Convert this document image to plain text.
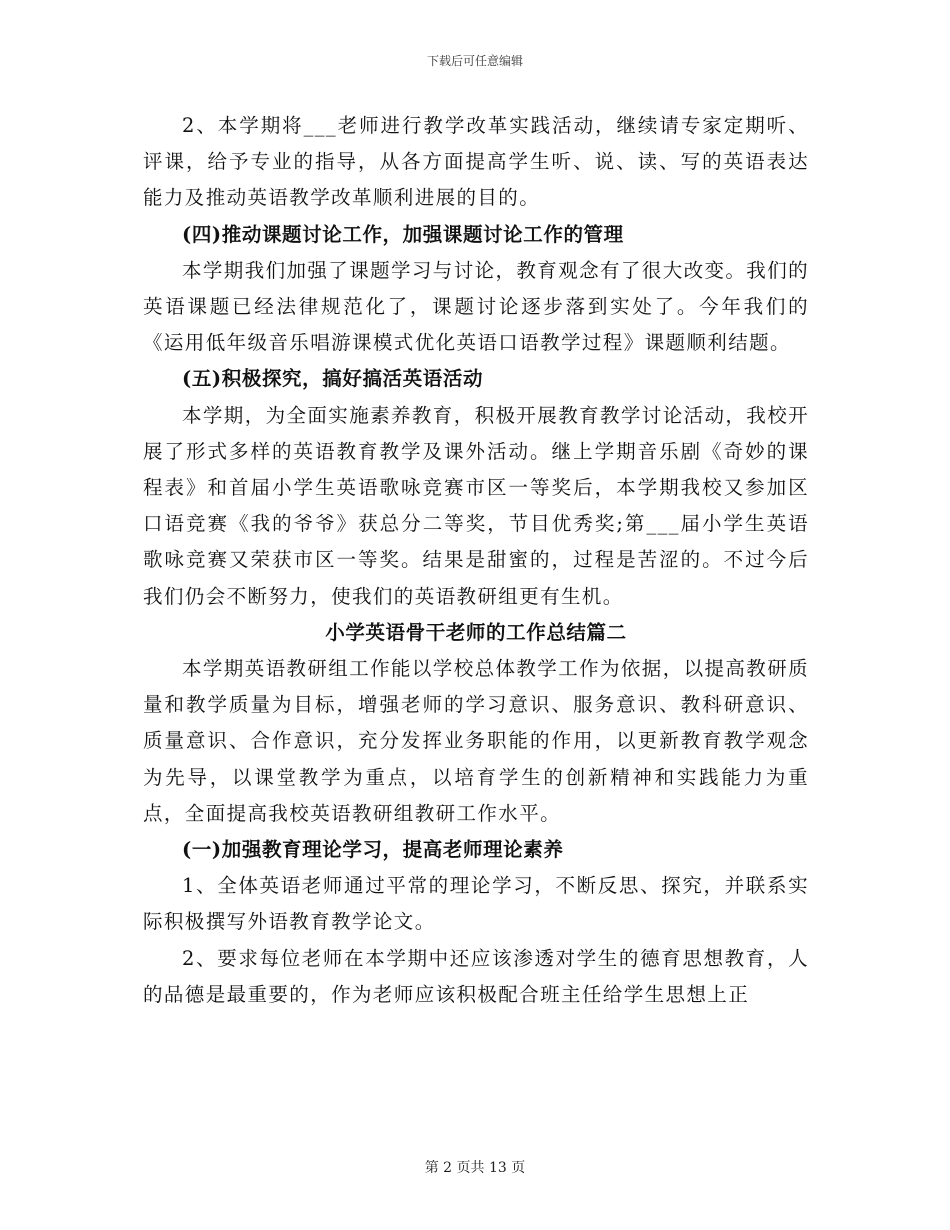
下载后可任意编辑

2、本学期将___老师进行教学改革实践活动，继续请专家定期听、评课，给予专业的指导，从各方面提高学生听、说、读、写的英语表达能力及推动英语教学改革顺利进展的目的。

(四)推动课题讨论工作，加强课题讨论工作的管理

本学期我们加强了课题学习与讨论，教育观念有了很大改变。我们的英语课题已经法律规范化了，课题讨论逐步落到实处了。今年我们的《运用低年级音乐唱游课模式优化英语口语教学过程》课题顺利结题。

(五)积极探究，搞好搞活英语活动

本学期，为全面实施素养教育，积极开展教育教学讨论活动，我校开展了形式多样的英语教育教学及课外活动。继上学期音乐剧《奇妙的课程表》和首届小学生英语歌咏竞赛市区一等奖后，本学期我校又参加区口语竞赛《我的爷爷》获总分二等奖，节目优秀奖;第___届小学生英语歌咏竞赛又荣获市区一等奖。结果是甜蜜的，过程是苦涩的。不过今后我们仍会不断努力，使我们的英语教研组更有生机。

小学英语骨干老师的工作总结篇二

本学期英语教研组工作能以学校总体教学工作为依据，以提高教研质量和教学质量为目标，增强老师的学习意识、服务意识、教科研意识、质量意识、合作意识，充分发挥业务职能的作用，以更新教育教学观念为先导，以课堂教学为重点，以培育学生的创新精神和实践能力为重点，全面提高我校英语教研组教研工作水平。

(一)加强教育理论学习，提高老师理论素养

1、全体英语老师通过平常的理论学习，不断反思、探究，并联系实际积极撰写外语教育教学论文。

2、要求每位老师在本学期中还应该渗透对学生的德育思想教育，人的品德是最重要的，作为老师应该积极配合班主任给学生思想上正

第 2 页共 13 页
